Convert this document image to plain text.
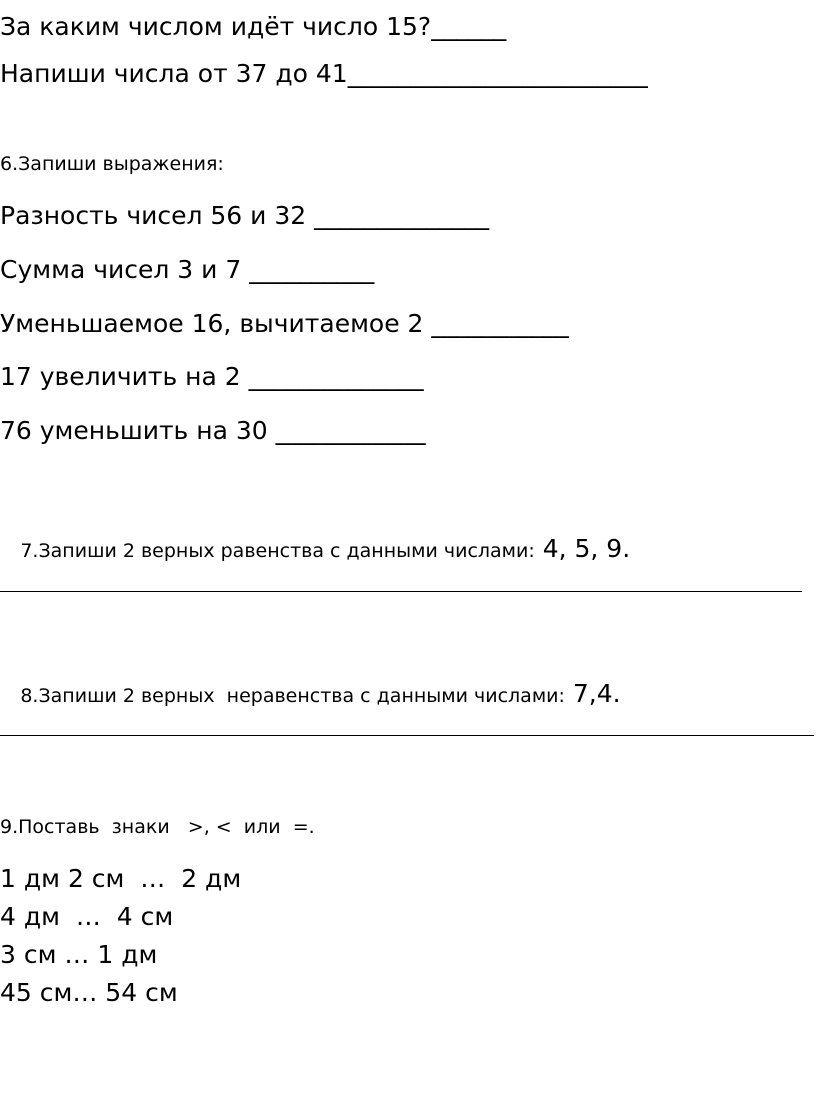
За каким числом идёт число 15?______
Напиши числа от 37 до 41________________________
6.Запиши выражения:
Разность чисел 56 и 32 ______________
Сумма чисел 3 и 7 __________
Уменьшаемое 16, вычитаемое 2 ___________
17 увеличить на 2 ______________
76 уменьшить на 30 ____________

7.Запиши 2 верных равенства с данными числами: 4, 5, 9.

8.Запиши 2 верных  неравенства с данными числами: 7,4.

9.Поставь  знаки   >, <  или  =.
1 дм 2 см  …  2 дм
4 дм  …  4 см
3 см … 1 дм
45 см… 54 см
